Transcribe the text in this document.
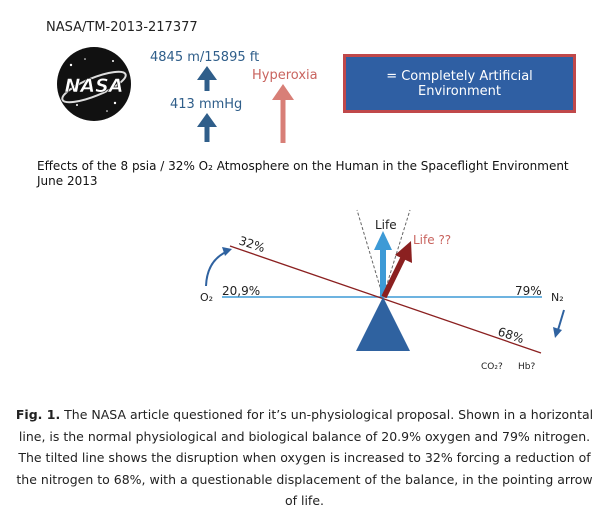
NASA/TM-2013-217377
NASA
4845 m/15895 ft
413 mmHg
Hyperoxia	= Completely Artificial Environment
Effects of the 8 psia / 32% O₂ Atmosphere on the Human in the Spaceflight Environment
June 2013
Life
Life ??
32%
20,9%
O₂	79% N₂
68%
CO₂? Hb?
Fig. 1. The NASA article questioned for it’s un-physiological proposal. Shown in a horizontal line, is the normal physiological and biological balance of 20.9% oxygen and 79% nitrogen. The tilted line shows the disruption when oxygen is increased to 32% forcing a reduction of the nitrogen to 68%, with a questionable displacement of the balance, in the pointing arrow of life.
